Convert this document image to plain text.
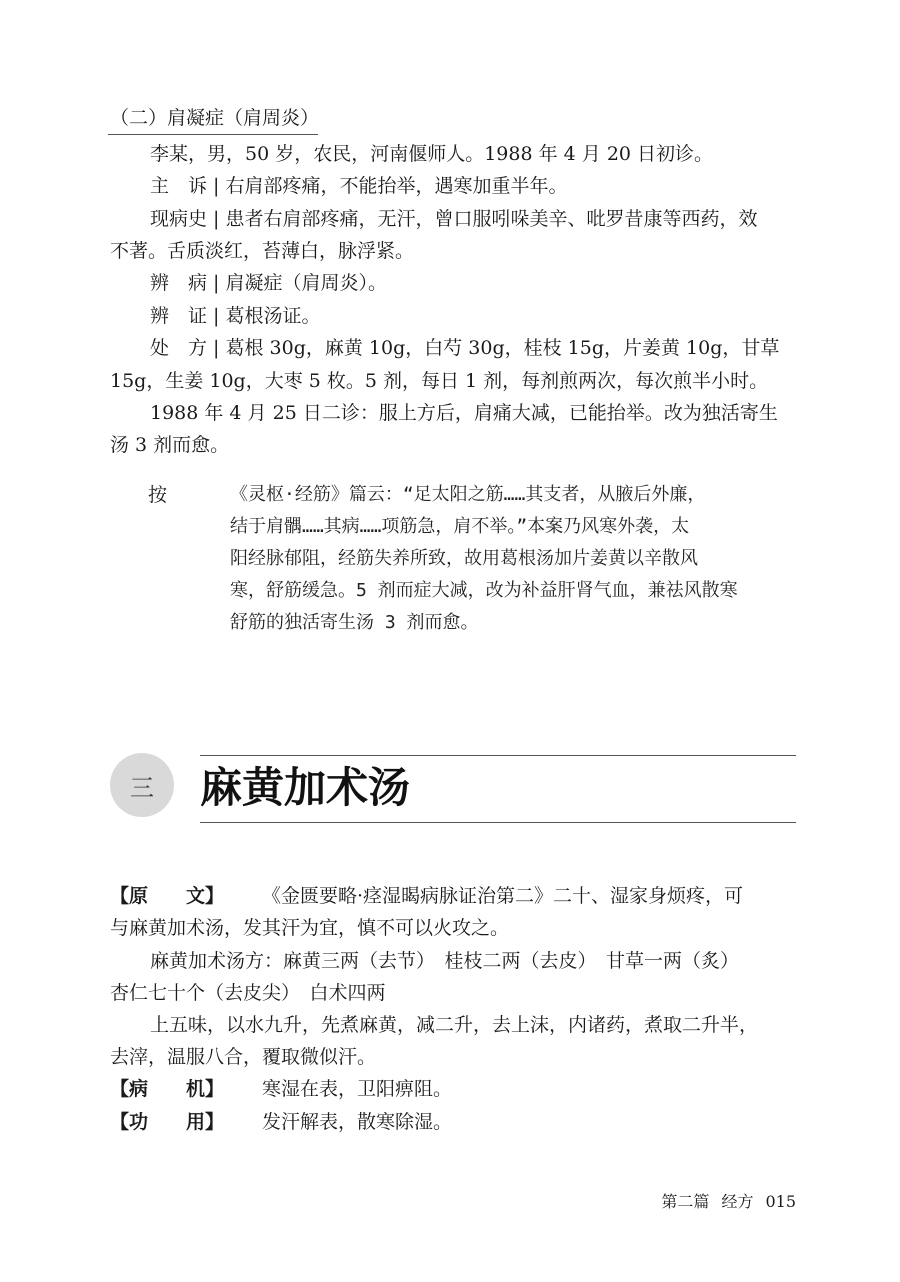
（二）肩凝症（肩周炎）
李某，男，50 岁，农民，河南偃师人。1988 年 4 月 20 日初诊。
主　诉 | 右肩部疼痛，不能抬举，遇寒加重半年。
现病史 | 患者右肩部疼痛，无汗，曾口服吲哚美辛、吡罗昔康等西药，效
不著。舌质淡红，苔薄白，脉浮紧。
辨　病 | 肩凝症（肩周炎）。
辨　证 | 葛根汤证。
处　方 | 葛根 30g，麻黄 10g，白芍 30g，桂枝 15g，片姜黄 10g，甘草
15g，生姜 10g，大枣 5 枚。5 剂，每日 1 剂，每剂煎两次，每次煎半小时。
1988 年 4 月 25 日二诊：服上方后，肩痛大减，已能抬举。改为独活寄生
汤 3 剂而愈。
按	《灵枢·经筋》篇云：“足太阳之筋……其支者，从腋后外廉，
结于肩髃……其病……项筋急，肩不举。”本案乃风寒外袭，太
阳经脉郁阻，经筋失养所致，故用葛根汤加片姜黄以辛散风
寒，舒筋缓急。5 剂而症大减，改为补益肝肾气血，兼祛风散寒
舒筋的独活寄生汤 3 剂而愈。
三 麻黄加术汤
【原　　文】 《金匮要略·痉湿暍病脉证治第二》二十、湿家身烦疼，可
与麻黄加术汤，发其汗为宜，慎不可以火攻之。
麻黄加术汤方：麻黄三两（去节）　桂枝二两（去皮）　甘草一两（炙）
杏仁七十个（去皮尖）　白术四两
上五味，以水九升，先煮麻黄，减二升，去上沫，内诸药，煮取二升半，
去滓，温服八合，覆取微似汗。
【病　　机】 寒湿在表，卫阳痹阻。
【功　　用】 发汗解表，散寒除湿。
第二篇 经方 015
